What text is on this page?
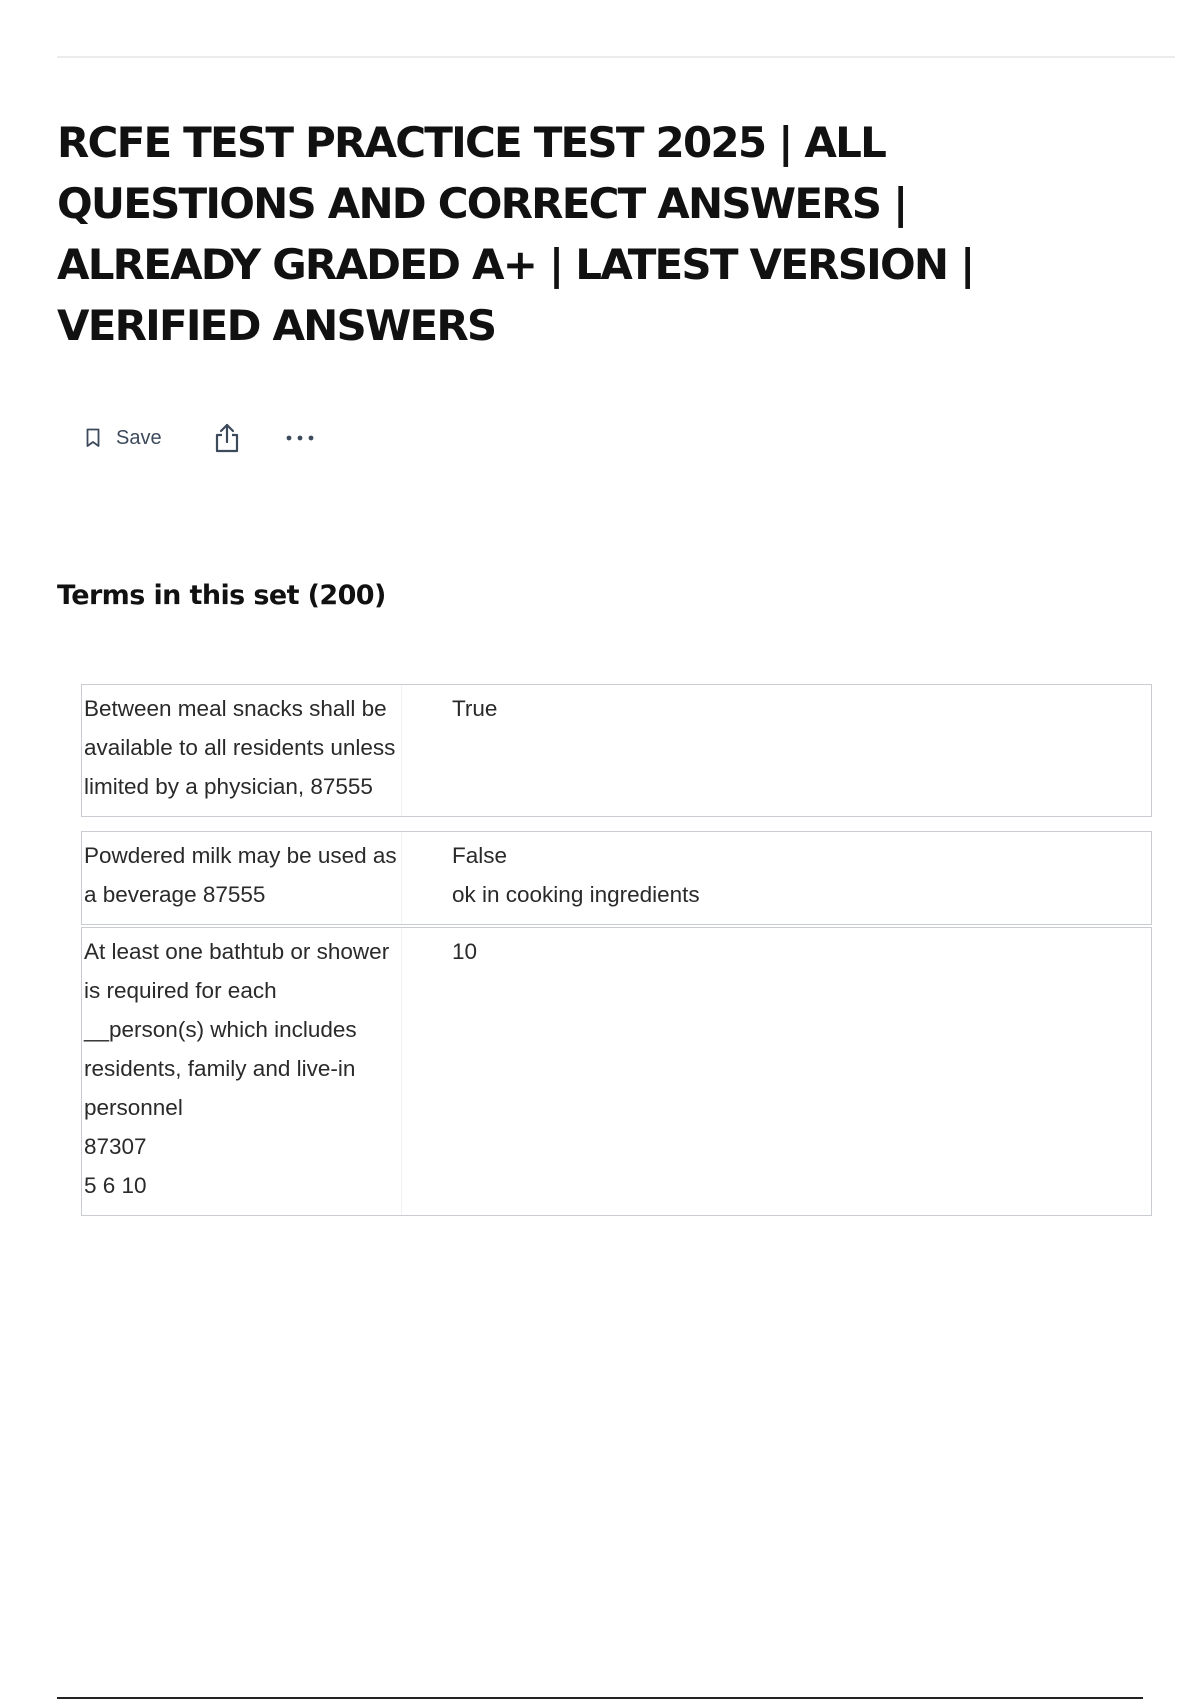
RCFE TEST PRACTICE TEST 2025 | ALL QUESTIONS AND CORRECT ANSWERS | ALREADY GRADED A+ | LATEST VERSION | VERIFIED ANSWERS
Save
Terms in this set (200)
Between meal snacks shall be available to all residents unless limited by a physician, 87555
True
Powdered milk may be used as a beverage 87555
False
ok in cooking ingredients
At least one bathtub or shower is required for each __person(s) which includes residents, family and live-in personnel
87307
5 6 10
10
